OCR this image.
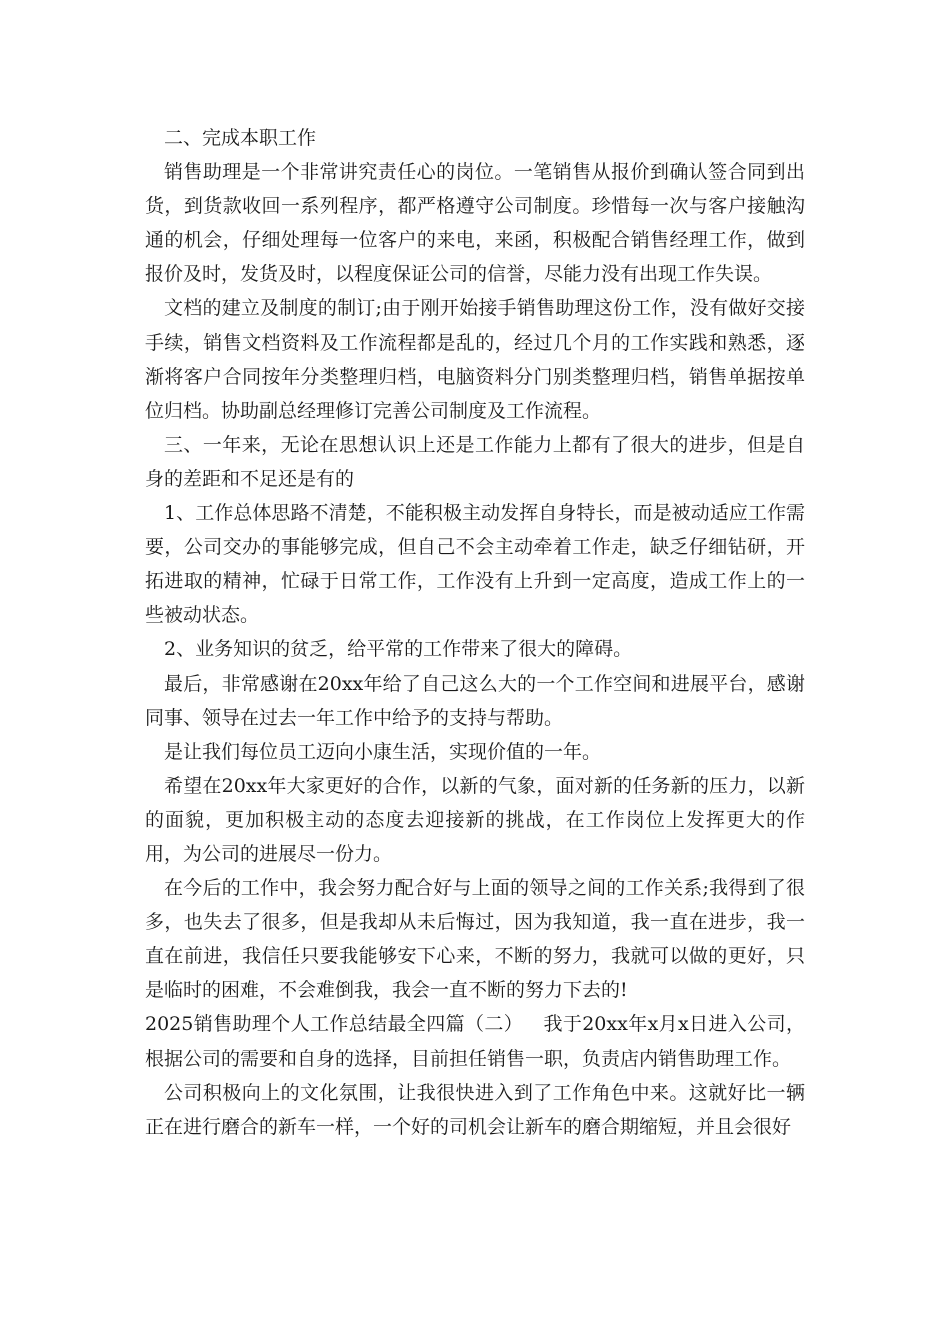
二、完成本职工作

销售助理是一个非常讲究责任心的岗位。一笔销售从报价到确认签合同到出货，到货款收回一系列程序，都严格遵守公司制度。珍惜每一次与客户接触沟通的机会，仔细处理每一位客户的来电，来函，积极配合销售经理工作，做到报价及时，发货及时，以程度保证公司的信誉，尽能力没有出现工作失误。

文档的建立及制度的制订;由于刚开始接手销售助理这份工作，没有做好交接手续，销售文档资料及工作流程都是乱的，经过几个月的工作实践和熟悉，逐渐将客户合同按年分类整理归档，电脑资料分门别类整理归档，销售单据按单位归档。协助副总经理修订完善公司制度及工作流程。

三、一年来，无论在思想认识上还是工作能力上都有了很大的进步，但是自身的差距和不足还是有的

1、工作总体思路不清楚，不能积极主动发挥自身特长，而是被动适应工作需要，公司交办的事能够完成，但自己不会主动牵着工作走，缺乏仔细钻研，开拓进取的精神，忙碌于日常工作，工作没有上升到一定高度，造成工作上的一些被动状态。

2、业务知识的贫乏，给平常的工作带来了很大的障碍。

最后，非常感谢在20xx年给了自己这么大的一个工作空间和进展平台，感谢同事、领导在过去一年工作中给予的支持与帮助。

是让我们每位员工迈向小康生活，实现价值的一年。

希望在20xx年大家更好的合作，以新的气象，面对新的任务新的压力，以新的面貌，更加积极主动的态度去迎接新的挑战，在工作岗位上发挥更大的作用，为公司的进展尽一份力。

在今后的工作中，我会努力配合好与上面的领导之间的工作关系;我得到了很多，也失去了很多，但是我却从未后悔过，因为我知道，我一直在进步，我一直在前进，我信任只要我能够安下心来，不断的努力，我就可以做的更好，只是临时的困难，不会难倒我，我会一直不断的努力下去的!

2025销售助理个人工作总结最全四篇（二） 我于20xx年x月x日进入公司，根据公司的需要和自身的选择，目前担任销售一职，负责店内销售助理工作。

公司积极向上的文化氛围，让我很快进入到了工作角色中来。这就好比一辆正在进行磨合的新车一样，一个好的司机会让新车的磨合期缩短，并且会很好
